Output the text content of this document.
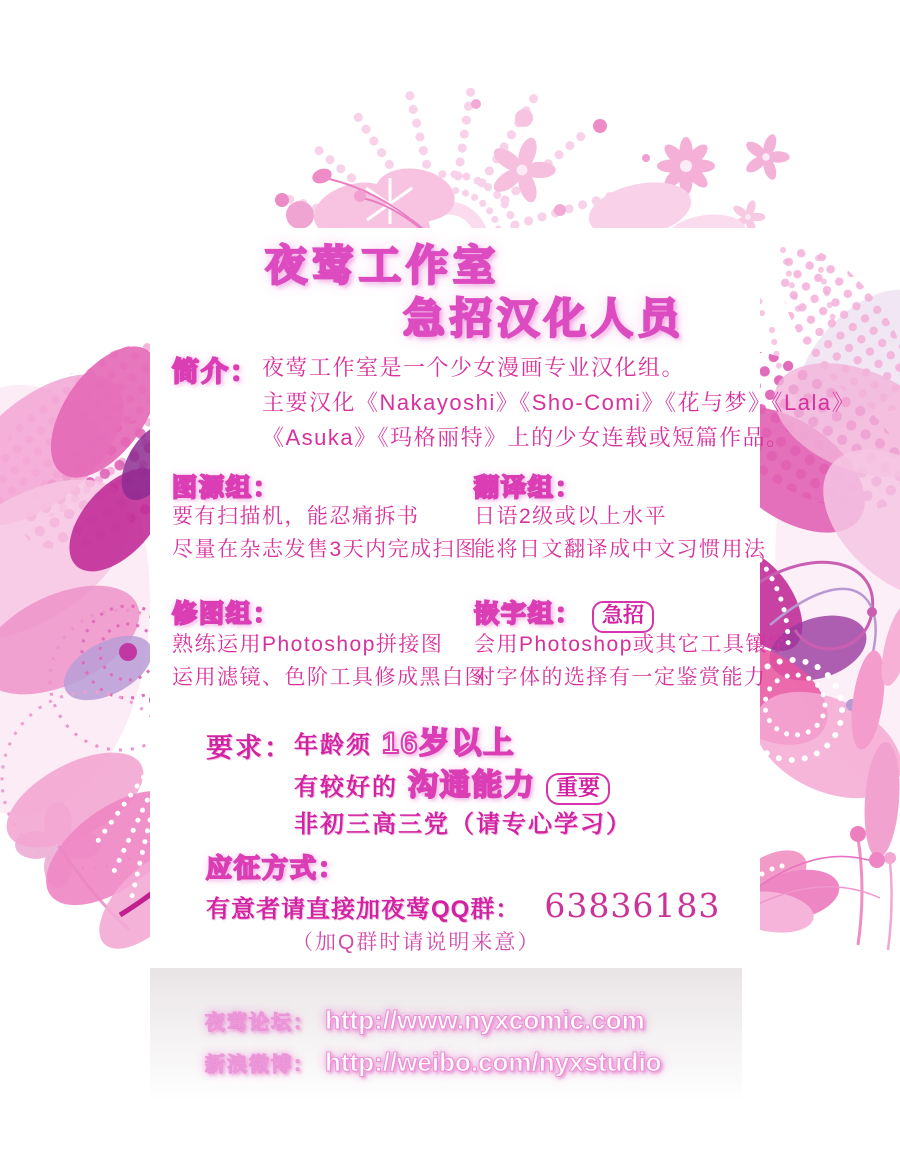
夜莺工作室
急招汉化人员
简介： 夜莺工作室是一个少女漫画专业汉化组。
主要汉化《Nakayoshi》《Sho-Comi》《花与梦》《Lala》
《Asuka》《玛格丽特》上的少女连载或短篇作品。
图源组：
要有扫描机，能忍痛拆书
尽量在杂志发售3天内完成扫图
翻译组：
日语2级或以上水平
能将日文翻译成中文习惯用法
修图组：
熟练运用Photoshop拼接图
运用滤镜、色阶工具修成黑白图
嵌字组： 急招
会用Photoshop或其它工具镶字
对字体的选择有一定鉴赏能力
要求： 年龄须 16岁以上
有较好的 沟通能力 重要
非初三高三党（请专心学习）
应征方式：
有意者请直接加夜莺QQ群： 63836183
（加Q群时请说明来意）
夜莺论坛： http://www.nyxcomic.com
新浪微博： http://weibo.com/nyxstudio
